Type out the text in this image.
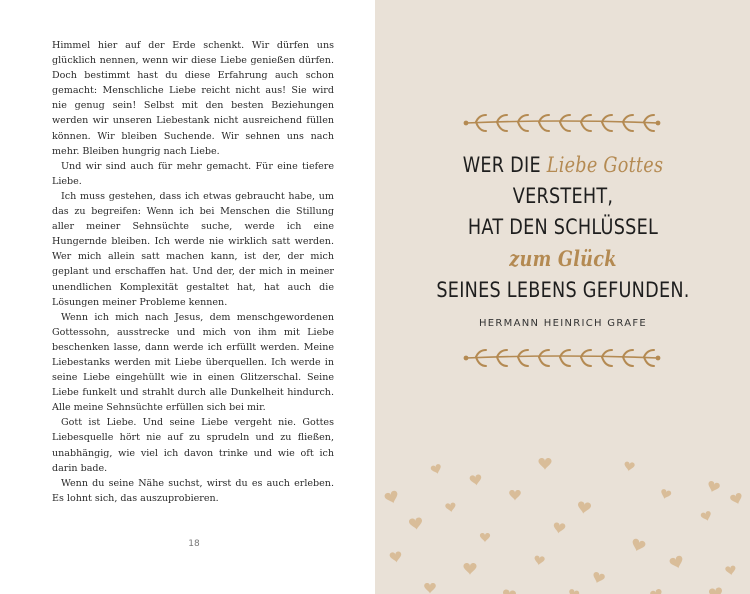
Himmel hier auf der Erde schenkt. Wir dürfen uns glücklich nennen, wenn wir diese Liebe genießen dürfen. Doch bestimmt hast du diese Erfahrung auch schon gemacht: Menschliche Liebe reicht nicht aus! Sie wird nie genug sein! Selbst mit den besten Beziehungen werden wir unseren Liebestank nicht ausreichend füllen können. Wir bleiben Suchende. Wir sehnen uns nach mehr. Bleiben hungrig nach Liebe.

Und wir sind auch für mehr gemacht. Für eine tiefere Liebe.

Ich muss gestehen, dass ich etwas gebraucht habe, um das zu begreifen: Wenn ich bei Menschen die Stillung aller meiner Sehnsüchte suche, werde ich eine Hungernde bleiben. Ich werde nie wirklich satt werden. Wer mich allein satt machen kann, ist der, der mich geplant und erschaffen hat. Und der, der mich in meiner unendlichen Komplexität gestaltet hat, hat auch die Lösungen meiner Probleme kennen.

Wenn ich mich nach Jesus, dem menschgewordenen Gottessohn, ausstrecke und mich von ihm mit Liebe beschenken lasse, dann werde ich erfüllt werden. Meine Liebestanks werden mit Liebe überquellen. Ich werde in seine Liebe eingehüllt wie in einen Glitzerschal. Seine Liebe funkelt und strahlt durch alle Dunkelheit hindurch. Alle meine Sehnsüchte erfüllen sich bei mir.

Gott ist Liebe. Und seine Liebe vergeht nie. Gottes Liebesquelle hört nie auf zu sprudeln und zu fließen, unabhängig, wie viel ich davon trinke und wie oft ich darin bade.

Wenn du seine Nähe suchst, wirst du es auch erleben. Es lohnt sich, das auszuprobieren.

18
WER DIE Liebe Gottes
VERSTEHT,
HAT DEN SCHLÜSSEL
zum Glück
SEINES LEBENS GEFUNDEN.
HERMANN HEINRICH GRAFE
